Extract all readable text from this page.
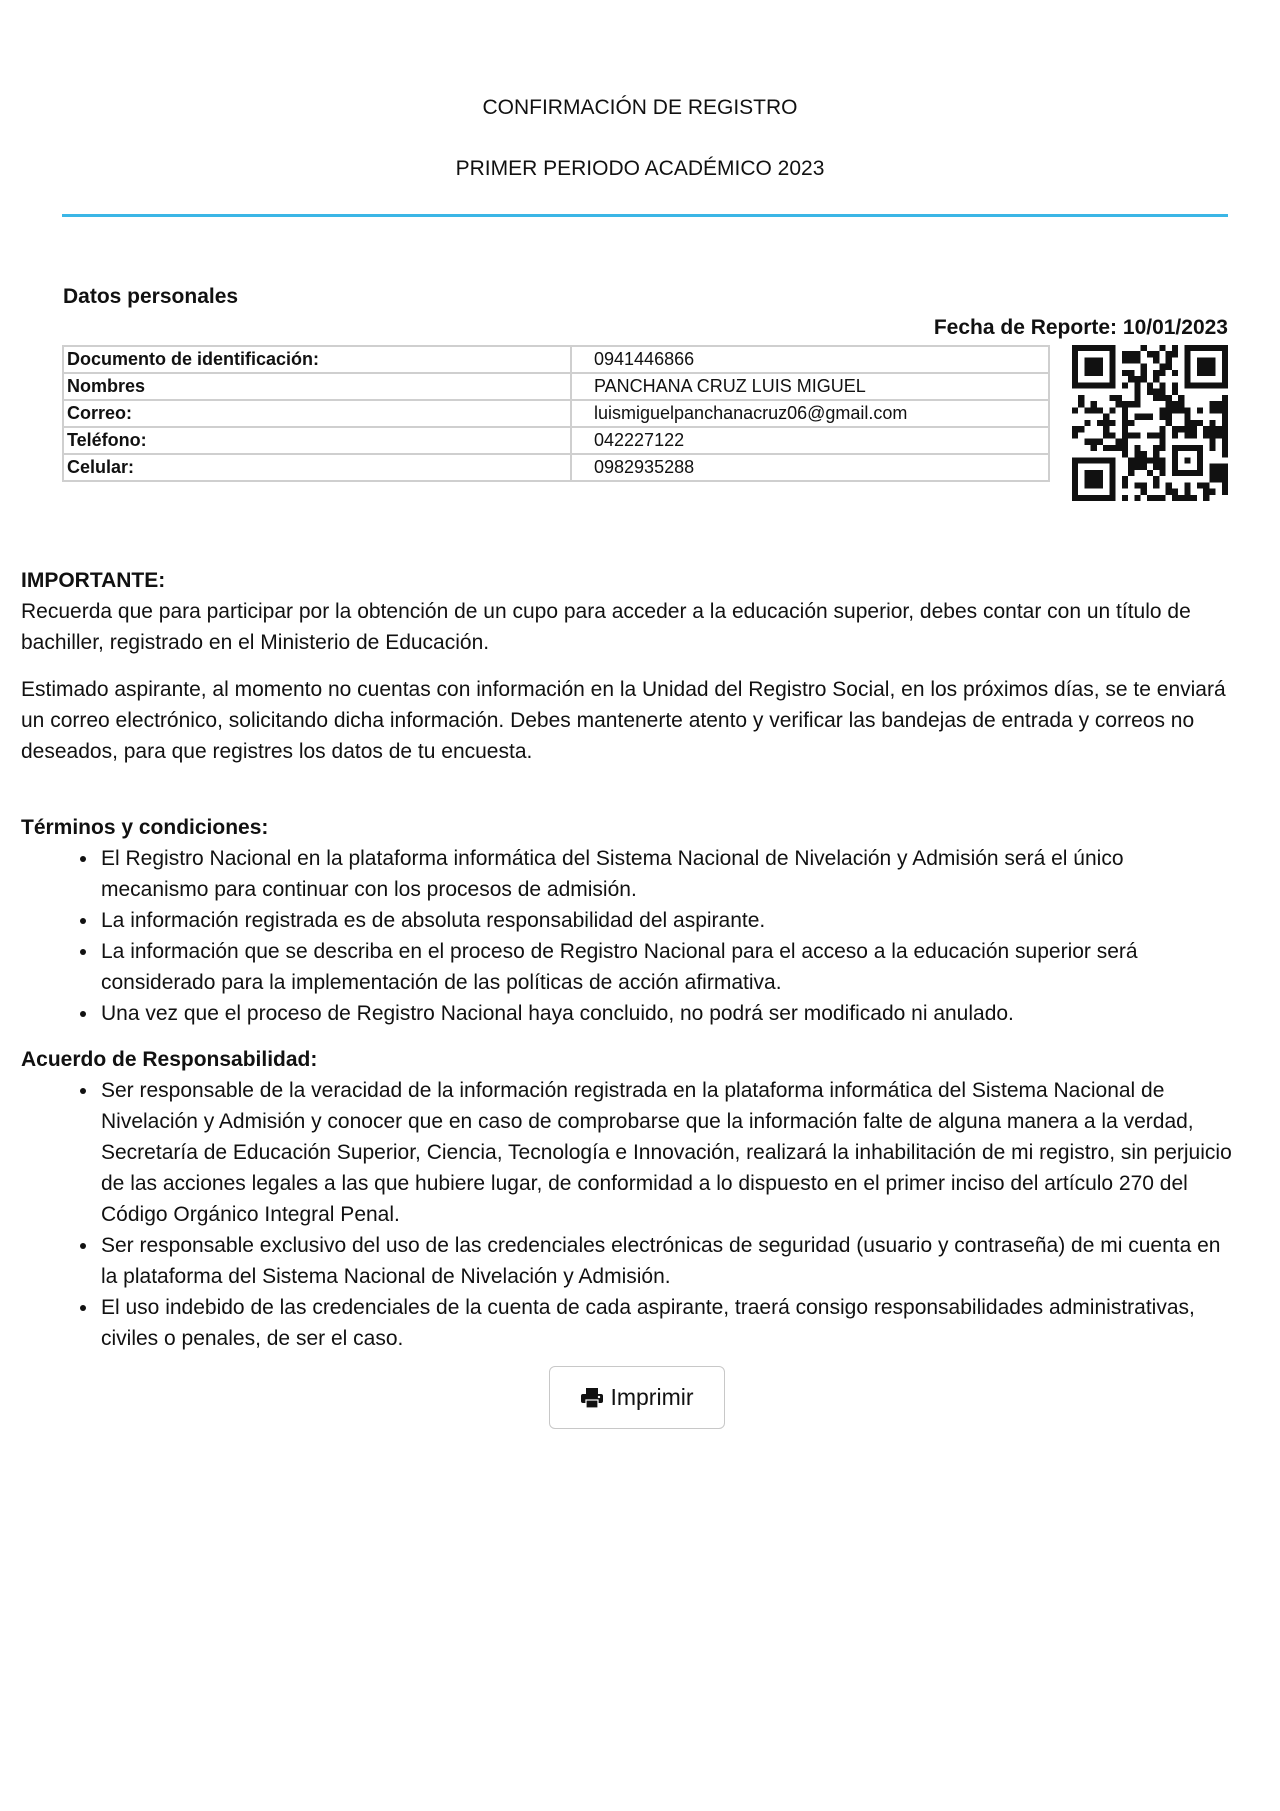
CONFIRMACIÓN DE REGISTRO
PRIMER PERIODO ACADÉMICO 2023
Datos personales
Fecha de Reporte: 10/01/2023
Documento de identificación:	0941446866
Nombres	PANCHANA CRUZ LUIS MIGUEL
Correo:	luismiguelpanchanacruz06@gmail.com
Teléfono:	042227122
Celular:	0982935288
IMPORTANTE:
Recuerda que para participar por la obtención de un cupo para acceder a la educación superior, debes contar con un título de bachiller, registrado en el Ministerio de Educación.
Estimado aspirante, al momento no cuentas con información en la Unidad del Registro Social, en los próximos días, se te enviará un correo electrónico, solicitando dicha información. Debes mantenerte atento y verificar las bandejas de entrada y correos no deseados, para que registres los datos de tu encuesta.
Términos y condiciones:
El Registro Nacional en la plataforma informática del Sistema Nacional de Nivelación y Admisión será el único mecanismo para continuar con los procesos de admisión.
La información registrada es de absoluta responsabilidad del aspirante.
La información que se describa en el proceso de Registro Nacional para el acceso a la educación superior será considerado para la implementación de las políticas de acción afirmativa.
Una vez que el proceso de Registro Nacional haya concluido, no podrá ser modificado ni anulado.
Acuerdo de Responsabilidad:
Ser responsable de la veracidad de la información registrada en la plataforma informática del Sistema Nacional de Nivelación y Admisión y conocer que en caso de comprobarse que la información falte de alguna manera a la verdad, Secretaría de Educación Superior, Ciencia, Tecnología e Innovación, realizará la inhabilitación de mi registro, sin perjuicio de las acciones legales a las que hubiere lugar, de conformidad a lo dispuesto en el primer inciso del artículo 270 del Código Orgánico Integral Penal.
Ser responsable exclusivo del uso de las credenciales electrónicas de seguridad (usuario y contraseña) de mi cuenta en la plataforma del Sistema Nacional de Nivelación y Admisión.
El uso indebido de las credenciales de la cuenta de cada aspirante, traerá consigo responsabilidades administrativas, civiles o penales, de ser el caso.
Imprimir
